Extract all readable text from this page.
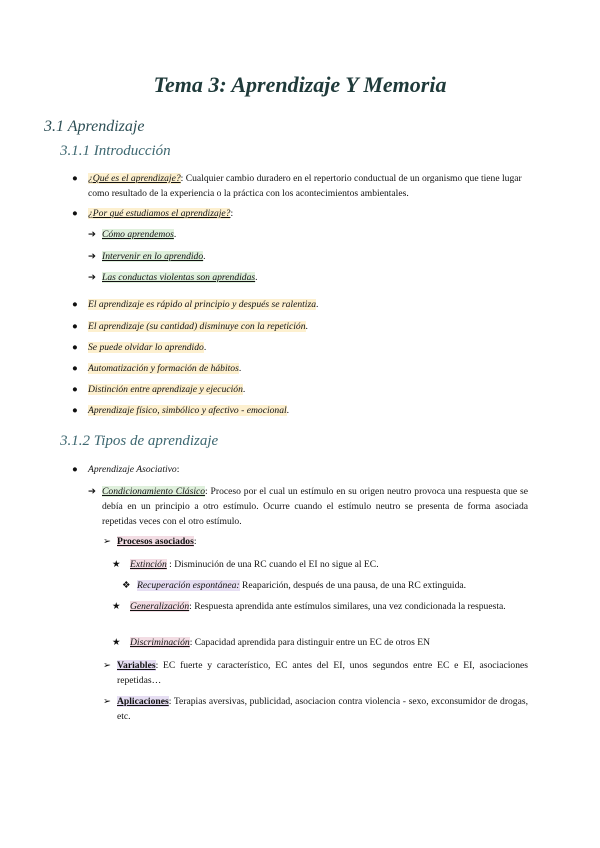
Tema 3: Aprendizaje Y Memoria
3.1 Aprendizaje
3.1.1 Introducción
● ¿Qué es el aprendizaje?: Cualquier cambio duradero en el repertorio conductual de un organismo que tiene lugar como resultado de la experiencia o la práctica con los acontecimientos ambientales.
● ¿Por qué estudiamos el aprendizaje?:
➔ Cómo aprendemos.
➔ Intervenir en lo aprendido.
➔ Las conductas violentas son aprendidas.
● El aprendizaje es rápido al principio y después se ralentiza.
● El aprendizaje (su cantidad) disminuye con la repetición.
● Se puede olvidar lo aprendido.
● Automatización y formación de hábitos.
● Distinción entre aprendizaje y ejecución.
● Aprendizaje físico, simbólico y afectivo - emocional.
3.1.2 Tipos de aprendizaje
● Aprendizaje Asociativo:
➔ Condicionamiento Clásico: Proceso por el cual un estímulo en su origen neutro provoca una respuesta que se debía en un principio a otro estímulo. Ocurre cuando el estímulo neutro se presenta de forma asociada repetidas veces con el otro estímulo.
➢ Procesos asociados:
★ Extinción : Disminución de una RC cuando el EI no sigue al EC.
❖ Recuperación espontánea: Reaparición, después de una pausa, de una RC extinguida.
★ Generalización: Respuesta aprendida ante estímulos similares, una vez condicionada la respuesta.
★ Discriminación: Capacidad aprendida para distinguir entre un EC de otros EN
➢ Variables: EC fuerte y característico, EC antes del EI, unos segundos entre EC e EI, asociaciones repetidas…
➢ Aplicaciones: Terapias aversivas, publicidad, asociacion contra violencia - sexo, exconsumidor de drogas, etc.
